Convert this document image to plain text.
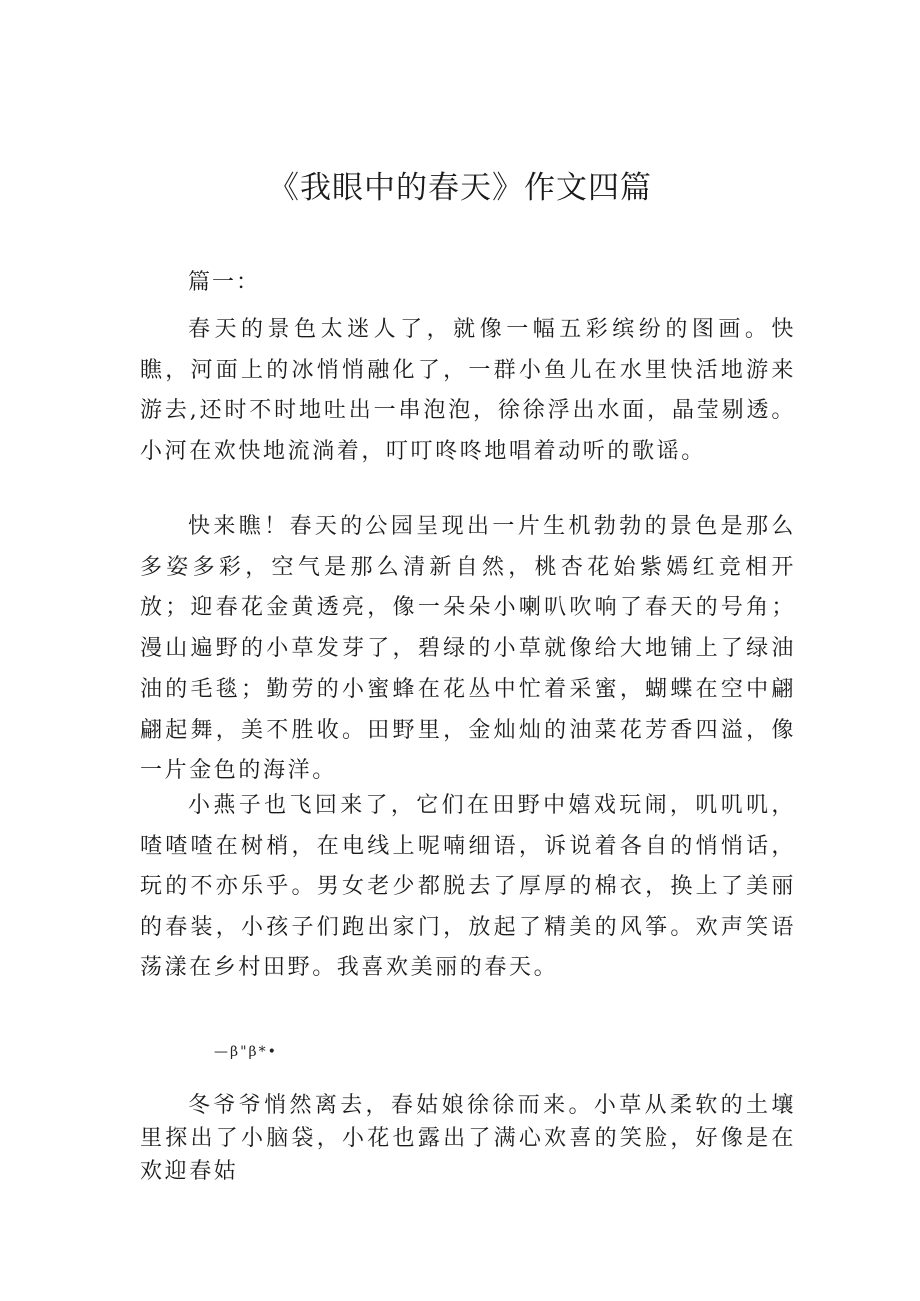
《我眼中的春天》作文四篇

篇一：

春天的景色太迷人了，就像一幅五彩缤纷的图画。快瞧，河面上的冰悄悄融化了，一群小鱼儿在水里快活地游来游去,还时不时地吐出一串泡泡，徐徐浮出水面，晶莹剔透。小河在欢快地流淌着，叮叮咚咚地唱着动听的歌谣。

快来瞧！春天的公园呈现出一片生机勃勃的景色是那么多姿多彩，空气是那么清新自然，桃杏花始紫嫣红竞相开放；迎春花金黄透亮，像一朵朵小喇叭吹响了春天的号角；漫山遍野的小草发芽了，碧绿的小草就像给大地铺上了绿油油的毛毯；勤劳的小蜜蜂在花丛中忙着采蜜，蝴蝶在空中翩翩起舞，美不胜收。田野里，金灿灿的油菜花芳香四溢，像一片金色的海洋。

小燕子也飞回来了，它们在田野中嬉戏玩闹，叽叽叽，喳喳喳在树梢，在电线上呢喃细语，诉说着各自的悄悄话，玩的不亦乐乎。男女老少都脱去了厚厚的棉衣，换上了美丽的春装，小孩子们跑出家门，放起了精美的风筝。欢声笑语荡漾在乡村田野。我喜欢美丽的春天。

—β"β*•

冬爷爷悄然离去，春姑娘徐徐而来。小草从柔软的土壤里探出了小脑袋，小花也露出了满心欢喜的笑脸，好像是在欢迎春姑
